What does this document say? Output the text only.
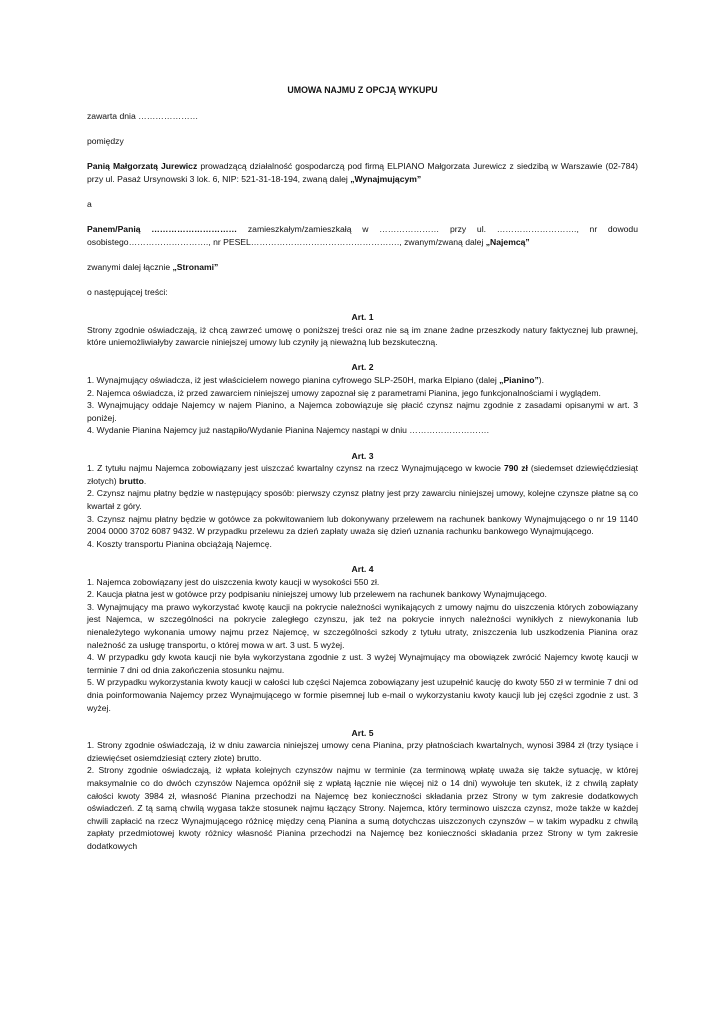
UMOWA NAJMU Z OPCJĄ WYKUPU

zawarta dnia …………………

pomiędzy

Panią Małgorzatą Jurewicz prowadzącą działalność gospodarczą pod firmą ELPIANO Małgorzata Jurewicz z siedzibą w Warszawie (02-784) przy ul. Pasaż Ursynowski 3 lok. 6, NIP: 521-31-18-194, zwaną dalej „Wynajmującym”

a

Panem/Panią ………………………… zamieszkałym/zamieszkałą w ………………… przy ul. ………………………., nr dowodu osobistego………………………., nr PESEL……………………………………………., zwanym/zwaną dalej „Najemcą”

zwanymi dalej łącznie „Stronami”

o następującej treści:

Art. 1

Strony zgodnie oświadczają, iż chcą zawrzeć umowę o poniższej treści oraz nie są im znane żadne przeszkody natury faktycznej lub prawnej, które uniemożliwiałyby zawarcie niniejszej umowy lub czyniły ją nieważną lub bezskuteczną.

Art. 2

1. Wynajmujący oświadcza, iż jest właścicielem nowego pianina cyfrowego SLP-250H, marka Elpiano (dalej „Pianino”).

2. Najemca oświadcza, iż przed zawarciem niniejszej umowy zapoznał się z parametrami Pianina, jego funkcjonalnościami i wyglądem.

3. Wynajmujący oddaje Najemcy w najem Pianino, a Najemca zobowiązuje się płacić czynsz najmu zgodnie z zasadami opisanymi w art. 3 poniżej.

4. Wydanie Pianina Najemcy już nastąpiło/Wydanie Pianina Najemcy nastąpi w dniu ……………………….

Art. 3

1. Z tytułu najmu Najemca zobowiązany jest uiszczać kwartalny czynsz na rzecz Wynajmującego w kwocie 790 zł (siedemset dziewięćdziesiąt złotych) brutto.

2. Czynsz najmu płatny będzie w następujący sposób: pierwszy czynsz płatny jest przy zawarciu niniejszej umowy, kolejne czynsze płatne są co kwartał z góry.

3. Czynsz najmu płatny będzie w gotówce za pokwitowaniem lub dokonywany przelewem na rachunek bankowy Wynajmującego o nr 19 1140 2004 0000 3702 6087 9432. W przypadku przelewu za dzień zapłaty uważa się dzień uznania rachunku bankowego Wynajmującego.

4. Koszty transportu Pianina obciążają Najemcę.

Art. 4

1. Najemca zobowiązany jest do uiszczenia kwoty kaucji w wysokości 550 zł.

2. Kaucja płatna jest w gotówce przy podpisaniu niniejszej umowy lub przelewem na rachunek bankowy Wynajmującego.

3. Wynajmujący ma prawo wykorzystać kwotę kaucji na pokrycie należności wynikających z umowy najmu do uiszczenia których zobowiązany jest Najemca, w szczególności na pokrycie zaległego czynszu, jak też na pokrycie innych należności wynikłych z niewykonania lub nienależytego wykonania umowy najmu przez Najemcę, w szczególności szkody z tytułu utraty, zniszczenia lub uszkodzenia Pianina oraz należność za usługę transportu, o której mowa w art. 3 ust. 5 wyżej.

4. W przypadku gdy kwota kaucji nie była wykorzystana zgodnie z ust. 3 wyżej Wynajmujący ma obowiązek zwrócić Najemcy kwotę kaucji w terminie 7 dni od dnia zakończenia stosunku najmu.

5. W przypadku wykorzystania kwoty kaucji w całości lub części Najemca zobowiązany jest uzupełnić kaucję do kwoty 550 zł w terminie 7 dni od dnia poinformowania Najemcy przez Wynajmującego w formie pisemnej lub e-mail o wykorzystaniu kwoty kaucji lub jej części zgodnie z ust. 3 wyżej.

Art. 5

1. Strony zgodnie oświadczają, iż w dniu zawarcia niniejszej umowy cena Pianina, przy płatnościach kwartalnych, wynosi 3984 zł (trzy tysiące i dziewięćset osiemdziesiąt cztery złote) brutto.

2. Strony zgodnie oświadczają, iż wpłata kolejnych czynszów najmu w terminie (za terminową wpłatę uważa się także sytuację, w której maksymalnie co do dwóch czynszów Najemca opóźnił się z wpłatą łącznie nie więcej niż o 14 dni) wywołuje ten skutek, iż z chwilą zapłaty całości kwoty 3984 zł, własność Pianina przechodzi na Najemcę bez konieczności składania przez Strony w tym zakresie dodatkowych oświadczeń. Z tą samą chwilą wygasa także stosunek najmu łączący Strony. Najemca, który terminowo uiszcza czynsz, może także w każdej chwili zapłacić na rzecz Wynajmującego różnicę między ceną Pianina a sumą dotychczas uiszczonych czynszów – w takim wypadku z chwilą zapłaty przedmiotowej kwoty różnicy własność Pianina przechodzi na Najemcę bez konieczności składania przez Strony w tym zakresie dodatkowych
